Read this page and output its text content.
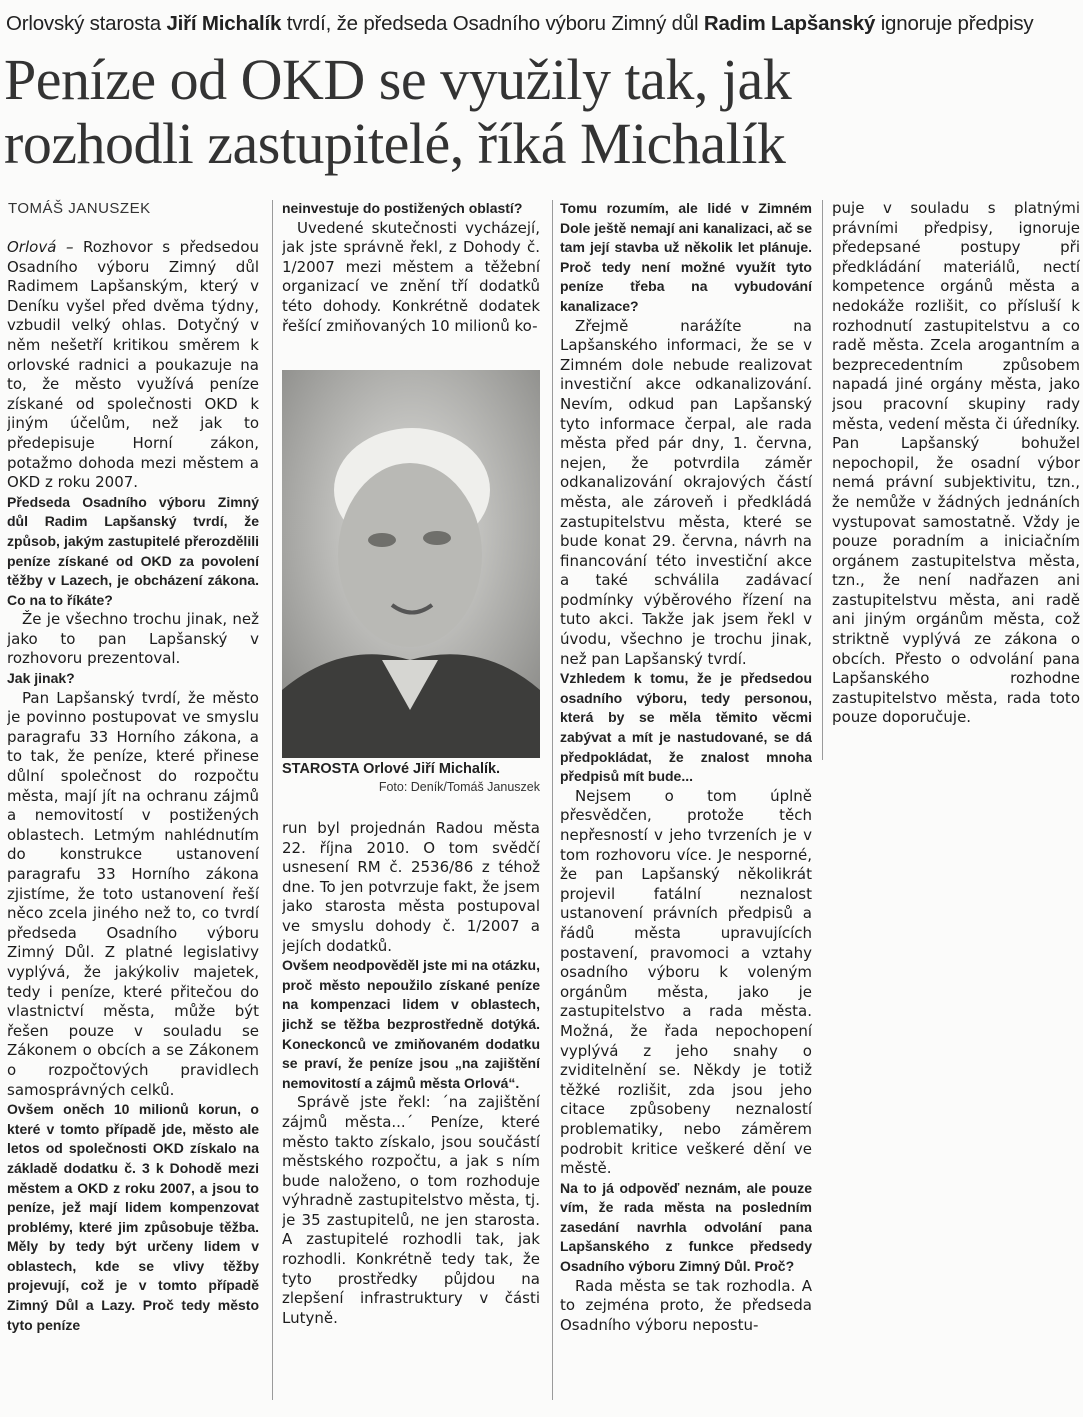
Orlovský starosta Jiří Michalík tvrdí, že předseda Osadního výboru Zimný důl Radim Lapšanský ignoruje předpisy
Peníze od OKD se využily tak, jak
rozhodli zastupitelé, říká Michalík
TOMÁŠ JANUSZEK

Orlová – Rozhovor s předsedou Osadního výboru Zimný důl Radimem Lapšanským, který v Deníku vyšel před dvěma týdny, vzbudil velký ohlas. Dotyčný v něm nešetří kritikou směrem k orlovské radnici a poukazuje na to, že město využívá peníze získané od společnosti OKD k jiným účelům, než jak to předepisuje Horní zákon, potažmo dohoda mezi městem a OKD z roku 2007.

Předseda Osadního výboru Zimný důl Radim Lapšanský tvrdí, že způsob, jakým zastupitelé přerozdělili peníze získané od OKD za povolení těžby v Lazech, je obcházení zákona. Co na to říkáte?

Že je všechno trochu jinak, než jako to pan Lapšanský v rozhovoru prezentoval.

Jak jinak?

Pan Lapšanský tvrdí, že město je povinno postupovat ve smyslu paragrafu 33 Horního zákona, a to tak, že peníze, které přinese důlní společnost do rozpočtu města, mají jít na ochranu zájmů a nemovitostí v postižených oblastech. Letmým nahlédnutím do konstrukce ustanovení paragrafu 33 Horního zákona zjistíme, že toto ustanovení řeší něco zcela jiného než to, co tvrdí předseda Osadního výboru Zimný Důl. Z platné legislativy vyplývá, že jakýkoliv majetek, tedy i peníze, které přitečou do vlastnictví města, může být řešen pouze v souladu se Zákonem o obcích a se Zákonem o rozpočtových pravidlech samosprávných celků.

Ovšem oněch 10 milionů korun, o které v tomto případě jde, město ale letos od společnosti OKD získalo na základě dodatku č. 3 k Dohodě mezi městem a OKD z roku 2007, a jsou to peníze, jež mají lidem kompenzovat problémy, které jim způsobuje těžba. Měly by tedy být určeny lidem v oblastech, kde se vlivy těžby projevují, což je v tomto případě Zimný Důl a Lazy. Proč tedy město tyto peníze

neinvestuje do postižených oblastí?

Uvedené skutečnosti vycházejí, jak jste správně řekl, z Dohody č. 1/2007 mezi městem a těžební organizací ve znění tří dodatků této dohody. Konkrétně dodatek řešící zmiňovaných 10 milionů ko-

STAROSTA Orlové Jiří Michalík.
Foto: Deník/Tomáš Januszek

run byl projednán Radou města 22. října 2010. O tom svědčí usnesení RM č. 2536/86 z téhož dne. To jen potvrzuje fakt, že jsem jako starosta města postupoval ve smyslu dohody č. 1/2007 a jejích dodatků.

Ovšem neodpověděl jste mi na otázku, proč město nepoužilo získané peníze na kompenzaci lidem v oblastech, jichž se těžba bezprostředně dotýká. Koneckonců ve zmiňovaném dodatku se praví, že peníze jsou „na zajištění nemovitostí a zájmů města Orlová“.

Správě jste řekl: ´na zajištění zájmů města...´ Peníze, které město takto získalo, jsou součástí městského rozpočtu, a jak s ním bude naloženo, o tom rozhoduje výhradně zastupitelstvo města, tj. je 35 zastupitelů, ne jen starosta. A zastupitelé rozhodli tak, jak rozhodli. Konkrétně tedy tak, že tyto prostředky půjdou na zlepšení infrastruktury v části Lutyně.

Tomu rozumím, ale lidé v Zimném Dole ještě nemají ani kanalizaci, ač se tam její stavba už několik let plánuje. Proč tedy není možné využít tyto peníze třeba na vybudování kanalizace?

Zřejmě narážíte na Lapšanského informaci, že se v Zimném dole nebude realizovat investiční akce odkanalizování. Nevím, odkud pan Lapšanský tyto informace čerpal, ale rada města před pár dny, 1. června, nejen, že potvrdila záměr odkanalizování okrajových částí města, ale zároveň i předkládá zastupitelstvu města, které se bude konat 29. června, návrh na financování této investiční akce a také schválila zadávací podmínky výběrového řízení na tuto akci. Takže jak jsem řekl v úvodu, všechno je trochu jinak, než pan Lapšanský tvrdí.

Vzhledem k tomu, že je předsedou osadního výboru, tedy personou, která by se měla těmito věcmi zabývat a mít je nastudované, se dá předpokládat, že znalost mnoha předpisů mít bude...

Nejsem o tom úplně přesvědčen, protože těch nepřesností v jeho tvrzeních je v tom rozhovoru více. Je nesporné, že pan Lapšanský několikrát projevil fatální neznalost ustanovení právních předpisů a řádů města upravujících postavení, pravomoci a vztahy osadního výboru k voleným orgánům města, jako je zastupitelstvo a rada města. Možná, že řada nepochopení vyplývá z jeho snahy o zviditelnění se. Někdy je totiž těžké rozlišit, zda jsou jeho citace způsobeny neznalostí problematiky, nebo záměrem podrobit kritice veškeré dění ve městě.

Na to já odpověď neznám, ale pouze vím, že rada města na posledním zasedání navrhla odvolání pana Lapšanského z funkce předsedy Osadního výboru Zimný Důl. Proč?

Rada města se tak rozhodla. A to zejména proto, že předseda Osadního výboru nepostu-

puje v souladu s platnými právními předpisy, ignoruje předepsané postupy při předkládání materiálů, nectí kompetence orgánů města a nedokáže rozlišit, co přísluší k rozhodnutí zastupitelstvu a co radě města. Zcela arogantním a bezprecedentním způsobem napadá jiné orgány města, jako jsou pracovní skupiny rady města, vedení města či úředníky. Pan Lapšanský bohužel nepochopil, že osadní výbor nemá právní subjektivitu, tzn., že nemůže v žádných jednáních vystupovat samostatně. Vždy je pouze poradním a iniciačním orgánem zastupitelstva města, tzn., že není nadřazen ani zastupitelstvu města, ani radě ani jiným orgánům města, což striktně vyplývá ze zákona o obcích. Přesto o odvolání pana Lapšanského rozhodne zastupitelstvo města, rada toto pouze doporučuje.
